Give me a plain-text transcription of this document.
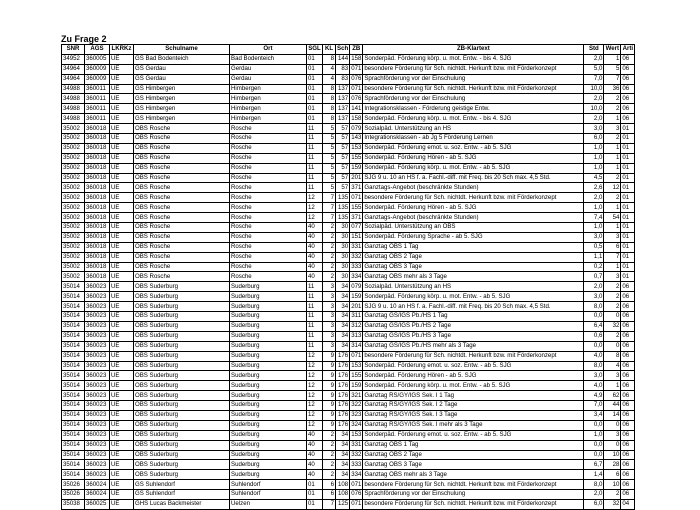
Zu Frage 2
SNR	AGS	LKRKz	Schulname	Ort	SGL	KL	Sch	ZB	ZB-Klartext	Std	Wert	Arti
34952	360005	UE	GS Bad Bodenteich	Bad Bodenteich	01	8	144	158	Sonderpäd. Förderung körp. u. mot. Entw. - bis 4. SJG	2,0	1	06
34964	360009	UE	GS Gerdau	Gerdau	01	4	83	071	besondere Förderung für Sch. nichtdt. Herkunft bzw. mit Förderkonzept	5,0	5	06
34964	360009	UE	GS Gerdau	Gerdau	01	4	83	076	Sprachförderung vor der Einschulung	7,0	7	06
34988	360011	UE	GS Himbergen	Himbergen	01	8	137	071	besondere Förderung für Sch. nichtdt. Herkunft bzw. mit Förderkonzept	10,0	36	06
34988	360011	UE	GS Himbergen	Himbergen	01	8	137	076	Sprachförderung vor der Einschulung	2,0	2	06
34988	360011	UE	GS Himbergen	Himbergen	01	8	137	141	Integrationsklassen - Förderung geistige Entw.	10,0	2	06
34988	360011	UE	GS Himbergen	Himbergen	01	8	137	158	Sonderpäd. Förderung körp. u. mot. Entw. - bis 4. SJG	2,0	1	06
35002	360018	UE	OBS Rosche	Rosche	11	5	57	079	Sozialpäd. Unterstützung an HS	3,0	3	01
35002	360018	UE	OBS Rosche	Rosche	11	5	57	143	Integrationsklassen - ab Jg 5 Förderung Lernen	6,0	2	01
35002	360018	UE	OBS Rosche	Rosche	11	5	57	153	Sonderpäd. Förderung emot. u. soz. Entw. - ab 5. SJG	1,0	1	01
35002	360018	UE	OBS Rosche	Rosche	11	5	57	155	Sonderpäd. Förderung Hören - ab 5. SJG	1,0	1	01
35002	360018	UE	OBS Rosche	Rosche	11	5	57	159	Sonderpäd. Förderung körp. u. mot. Entw. - ab 5. SJG	1,0	1	01
35002	360018	UE	OBS Rosche	Rosche	11	5	57	201	SJG 9 u. 10 an HS f. a. Fachl.-diff. mit Freq. bis 20 Sch max. 4,5 Std.	4,5	2	01
35002	360018	UE	OBS Rosche	Rosche	11	5	57	371	Ganztags-Angebot (beschränkte Stunden)	2,6	12	01
35002	360018	UE	OBS Rosche	Rosche	12	7	135	071	besondere Förderung für Sch. nichtdt. Herkunft bzw. mit Förderkonzept	2,0	2	01
35002	360018	UE	OBS Rosche	Rosche	12	7	135	155	Sonderpäd. Förderung Hören - ab 5. SJG	1,0	1	01
35002	360018	UE	OBS Rosche	Rosche	12	7	135	371	Ganztags-Angebot (beschränkte Stunden)	7,4	54	01
35002	360018	UE	OBS Rosche	Rosche	40	2	30	077	Sozialpäd. Unterstützung an OBS	1,0	1	01
35002	360018	UE	OBS Rosche	Rosche	40	2	30	151	Sonderpäd. Förderung Sprache - ab 5. SJG	3,0	3	01
35002	360018	UE	OBS Rosche	Rosche	40	2	30	331	Ganztag OBS 1 Tag	0,5	6	01
35002	360018	UE	OBS Rosche	Rosche	40	2	30	332	Ganztag OBS 2 Tage	1,1	7	01
35002	360018	UE	OBS Rosche	Rosche	40	2	30	333	Ganztag OBS 3 Tage	0,2	1	01
35002	360018	UE	OBS Rosche	Rosche	40	2	30	334	Ganztag OBS mehr als 3 Tage	0,7	3	01
35014	360023	UE	OBS Suderburg	Suderburg	11	3	34	079	Sozialpäd. Unterstützung an HS	2,0	2	06
35014	360023	UE	OBS Suderburg	Suderburg	11	3	34	159	Sonderpäd. Förderung körp. u. mot. Entw. - ab 5. SJG	3,0	2	06
35014	360023	UE	OBS Suderburg	Suderburg	11	3	34	201	SJG 9 u. 10 an HS f. a. Fachl.-diff. mit Freq. bis 20 Sch max. 4,5 Std.	8,0	2	06
35014	360023	UE	OBS Suderburg	Suderburg	11	3	34	311	Ganztag GS/IGS Pb./HS 1 Tag	0,0	0	06
35014	360023	UE	OBS Suderburg	Suderburg	11	3	34	312	Ganztag GS/IGS Pb./HS 2 Tage	6,4	32	06
35014	360023	UE	OBS Suderburg	Suderburg	11	3	34	313	Ganztag GS/IGS Pb./HS 3 Tage	0,6	2	06
35014	360023	UE	OBS Suderburg	Suderburg	11	3	34	314	Ganztag GS/IGS Pb./HS mehr als 3 Tage	0,0	0	06
35014	360023	UE	OBS Suderburg	Suderburg	12	9	176	071	besondere Förderung für Sch. nichtdt. Herkunft bzw. mit Förderkonzept	4,0	8	06
35014	360023	UE	OBS Suderburg	Suderburg	12	9	176	153	Sonderpäd. Förderung emot. u. soz. Entw. - ab 5. SJG	8,0	4	06
35014	360023	UE	OBS Suderburg	Suderburg	12	9	176	155	Sonderpäd. Förderung Hören - ab 5. SJG	3,0	3	06
35014	360023	UE	OBS Suderburg	Suderburg	12	9	176	159	Sonderpäd. Förderung körp. u. mot. Entw. - ab 5. SJG	4,0	1	06
35014	360023	UE	OBS Suderburg	Suderburg	12	9	176	321	Ganztag RS/GY/IGS Sek. I 1 Tag	4,9	62	06
35014	360023	UE	OBS Suderburg	Suderburg	12	9	176	322	Ganztag RS/GY/IGS Sek. I 2 Tage	7,0	44	06
35014	360023	UE	OBS Suderburg	Suderburg	12	9	176	323	Ganztag RS/GY/IGS Sek. I 3 Tage	3,4	14	06
35014	360023	UE	OBS Suderburg	Suderburg	12	9	176	324	Ganztag RS/GY/IGS Sek. I mehr als 3 Tage	0,0	0	06
35014	360023	UE	OBS Suderburg	Suderburg	40	2	34	153	Sonderpäd. Förderung emot. u. soz. Entw. - ab 5. SJG	1,0	3	06
35014	360023	UE	OBS Suderburg	Suderburg	40	2	34	331	Ganztag OBS 1 Tag	0,0	0	06
35014	360023	UE	OBS Suderburg	Suderburg	40	2	34	332	Ganztag OBS 2 Tage	0,0	10	06
35014	360023	UE	OBS Suderburg	Suderburg	40	2	34	333	Ganztag OBS 3 Tage	6,7	28	06
35014	360023	UE	OBS Suderburg	Suderburg	40	2	34	334	Ganztag OBS mehr als 3 Tage	1,4	6	06
35026	360024	UE	GS Suhlendorf	Suhlendorf	01	6	108	071	besondere Förderung für Sch. nichtdt. Herkunft bzw. mit Förderkonzept	8,0	10	06
35026	360024	UE	GS Suhlendorf	Suhlendorf	01	6	108	076	Sprachförderung vor der Einschulung	2,0	2	06
35038	360025	UE	GHS Lucas Backmeister	Uelzen	01	7	125	071	besondere Förderung für Sch. nichtdt. Herkunft bzw. mit Förderkonzept	6,0	32	04
